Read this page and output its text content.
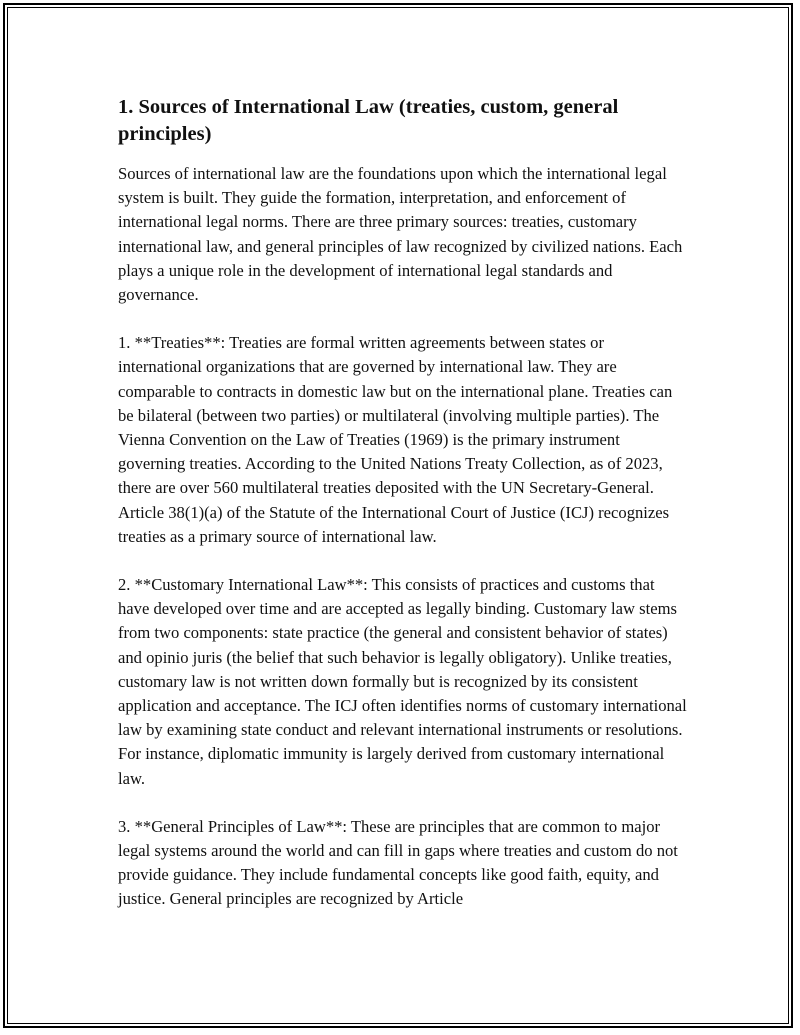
1. Sources of International Law (treaties, custom, general principles)

Sources of international law are the foundations upon which the international legal system is built. They guide the formation, interpretation, and enforcement of international legal norms. There are three primary sources: treaties, customary international law, and general principles of law recognized by civilized nations. Each plays a unique role in the development of international legal standards and governance.

1. **Treaties**: Treaties are formal written agreements between states or international organizations that are governed by international law. They are comparable to contracts in domestic law but on the international plane. Treaties can be bilateral (between two parties) or multilateral (involving multiple parties). The Vienna Convention on the Law of Treaties (1969) is the primary instrument governing treaties. According to the United Nations Treaty Collection, as of 2023, there are over 560 multilateral treaties deposited with the UN Secretary-General. Article 38(1)(a) of the Statute of the International Court of Justice (ICJ) recognizes treaties as a primary source of international law.

2. **Customary International Law**: This consists of practices and customs that have developed over time and are accepted as legally binding. Customary law stems from two components: state practice (the general and consistent behavior of states) and opinio juris (the belief that such behavior is legally obligatory). Unlike treaties, customary law is not written down formally but is recognized by its consistent application and acceptance. The ICJ often identifies norms of customary international law by examining state conduct and relevant international instruments or resolutions. For instance, diplomatic immunity is largely derived from customary international law.

3. **General Principles of Law**: These are principles that are common to major legal systems around the world and can fill in gaps where treaties and custom do not provide guidance. They include fundamental concepts like good faith, equity, and justice. General principles are recognized by Article
